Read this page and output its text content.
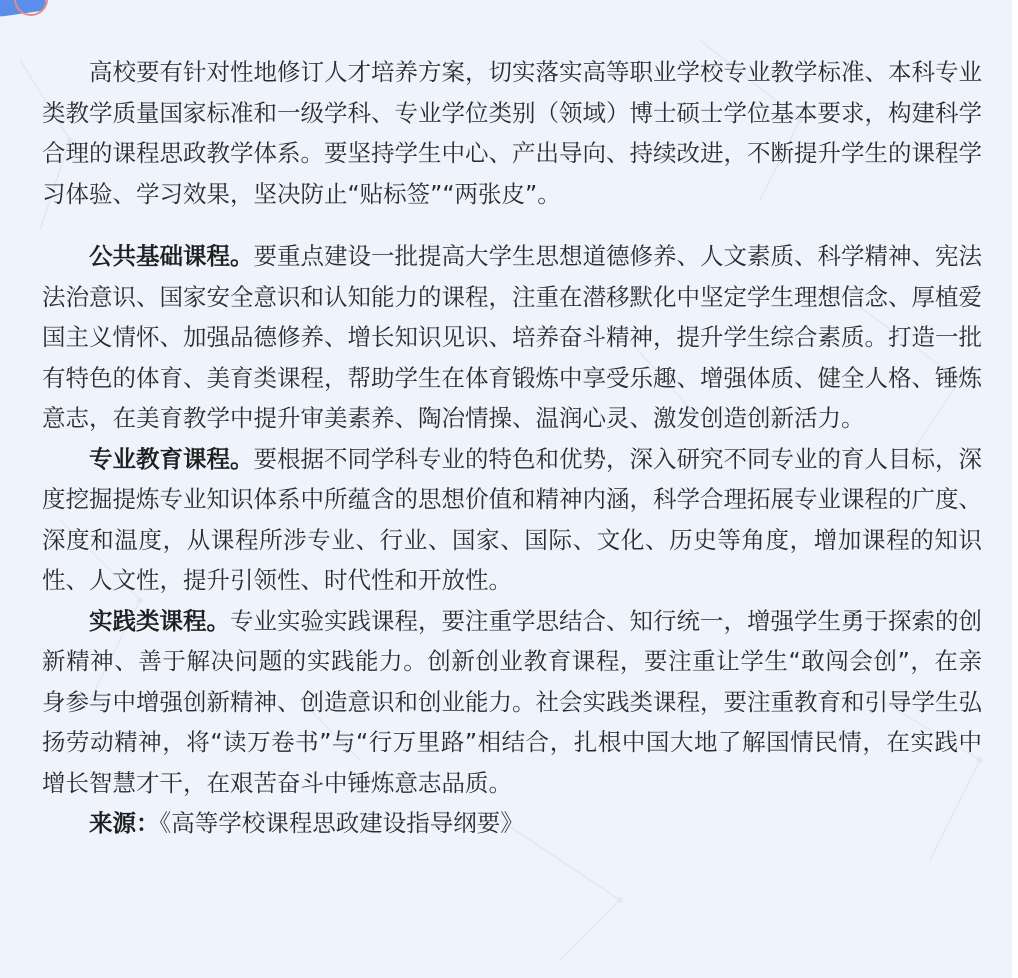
高校要有针对性地修订人才培养方案，切实落实高等职业学校专业教学标准、本科专业类教学质量国家标准和一级学科、专业学位类别（领域）博士硕士学位基本要求，构建科学合理的课程思政教学体系。要坚持学生中心、产出导向、持续改进，不断提升学生的课程学习体验、学习效果，坚决防止“贴标签”“两张皮”。

公共基础课程。要重点建设一批提高大学生思想道德修养、人文素质、科学精神、宪法法治意识、国家安全意识和认知能力的课程，注重在潜移默化中坚定学生理想信念、厚植爱国主义情怀、加强品德修养、增长知识见识、培养奋斗精神，提升学生综合素质。打造一批有特色的体育、美育类课程，帮助学生在体育锻炼中享受乐趣、增强体质、健全人格、锤炼意志，在美育教学中提升审美素养、陶冶情操、温润心灵、激发创造创新活力。

专业教育课程。要根据不同学科专业的特色和优势，深入研究不同专业的育人目标，深度挖掘提炼专业知识体系中所蕴含的思想价值和精神内涵，科学合理拓展专业课程的广度、深度和温度，从课程所涉专业、行业、国家、国际、文化、历史等角度，增加课程的知识性、人文性，提升引领性、时代性和开放性。

实践类课程。专业实验实践课程，要注重学思结合、知行统一，增强学生勇于探索的创新精神、善于解决问题的实践能力。创新创业教育课程，要注重让学生“敢闯会创”，在亲身参与中增强创新精神、创造意识和创业能力。社会实践类课程，要注重教育和引导学生弘扬劳动精神，将“读万卷书”与“行万里路”相结合，扎根中国大地了解国情民情，在实践中增长智慧才干，在艰苦奋斗中锤炼意志品质。

来源：《高等学校课程思政建设指导纲要》
